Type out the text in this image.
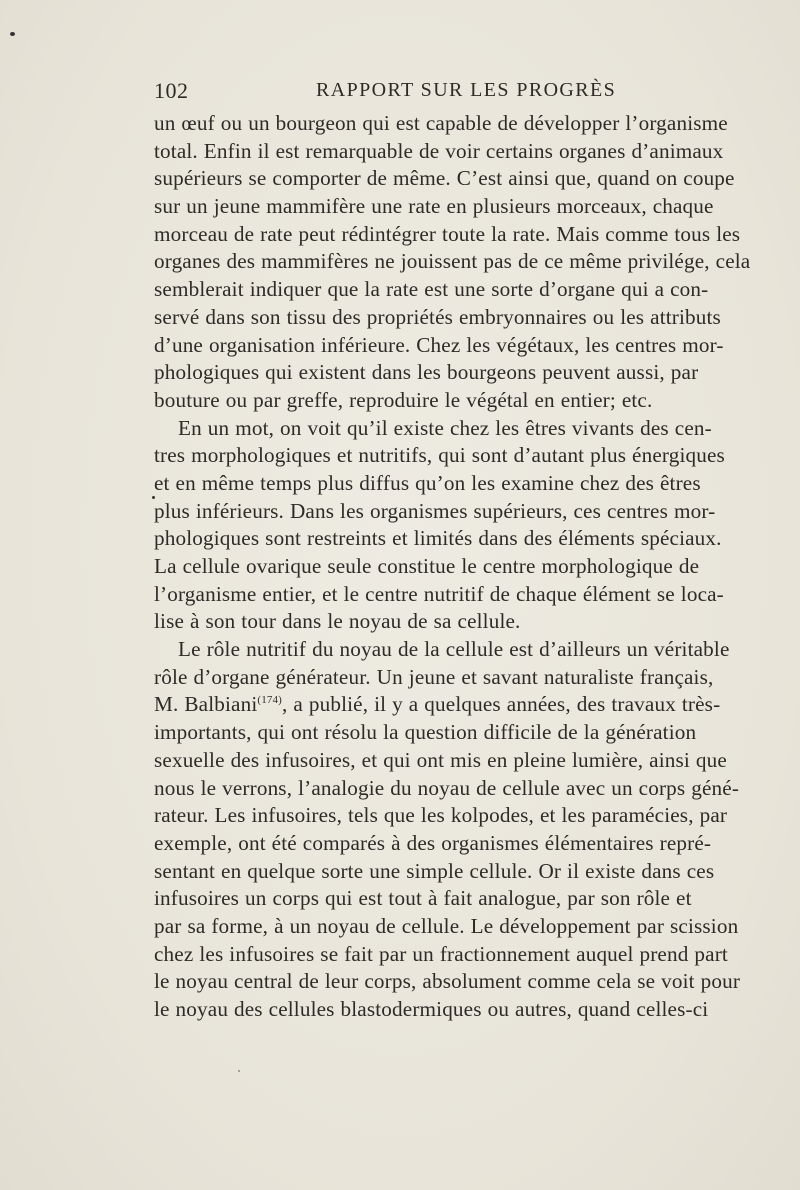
102	RAPPORT SUR LES PROGRÈS
un œuf ou un bourgeon qui est capable de développer l’organisme
total. Enfin il est remarquable de voir certains organes d’animaux
supérieurs se comporter de même. C’est ainsi que, quand on coupe
sur un jeune mammifère une rate en plusieurs morceaux, chaque
morceau de rate peut rédintégrer toute la rate. Mais comme tous les
organes des mammifères ne jouissent pas de ce même privilége, cela
semblerait indiquer que la rate est une sorte d’organe qui a con-
servé dans son tissu des propriétés embryonnaires ou les attributs
d’une organisation inférieure. Chez les végétaux, les centres mor-
phologiques qui existent dans les bourgeons peuvent aussi, par
bouture ou par greffe, reproduire le végétal en entier; etc.
En un mot, on voit qu’il existe chez les êtres vivants des cen-
tres morphologiques et nutritifs, qui sont d’autant plus énergiques
et en même temps plus diffus qu’on les examine chez des êtres
plus inférieurs. Dans les organismes supérieurs, ces centres mor-
phologiques sont restreints et limités dans des éléments spéciaux.
La cellule ovarique seule constitue le centre morphologique de
l’organisme entier, et le centre nutritif de chaque élément se loca-
lise à son tour dans le noyau de sa cellule.
Le rôle nutritif du noyau de la cellule est d’ailleurs un véritable
rôle d’organe générateur. Un jeune et savant naturaliste français,
M. Balbiani$^{(174)}$, a publié, il y a quelques années, des travaux très-
importants, qui ont résolu la question difficile de la génération
sexuelle des infusoires, et qui ont mis en pleine lumière, ainsi que
nous le verrons, l’analogie du noyau de cellule avec un corps géné-
rateur. Les infusoires, tels que les kolpodes, et les paramécies, par
exemple, ont été comparés à des organismes élémentaires repré-
sentant en quelque sorte une simple cellule. Or il existe dans ces
infusoires un corps qui est tout à fait analogue, par son rôle et
par sa forme, à un noyau de cellule. Le développement par scission
chez les infusoires se fait par un fractionnement auquel prend part
le noyau central de leur corps, absolument comme cela se voit pour
le noyau des cellules blastodermiques ou autres, quand celles-ci
